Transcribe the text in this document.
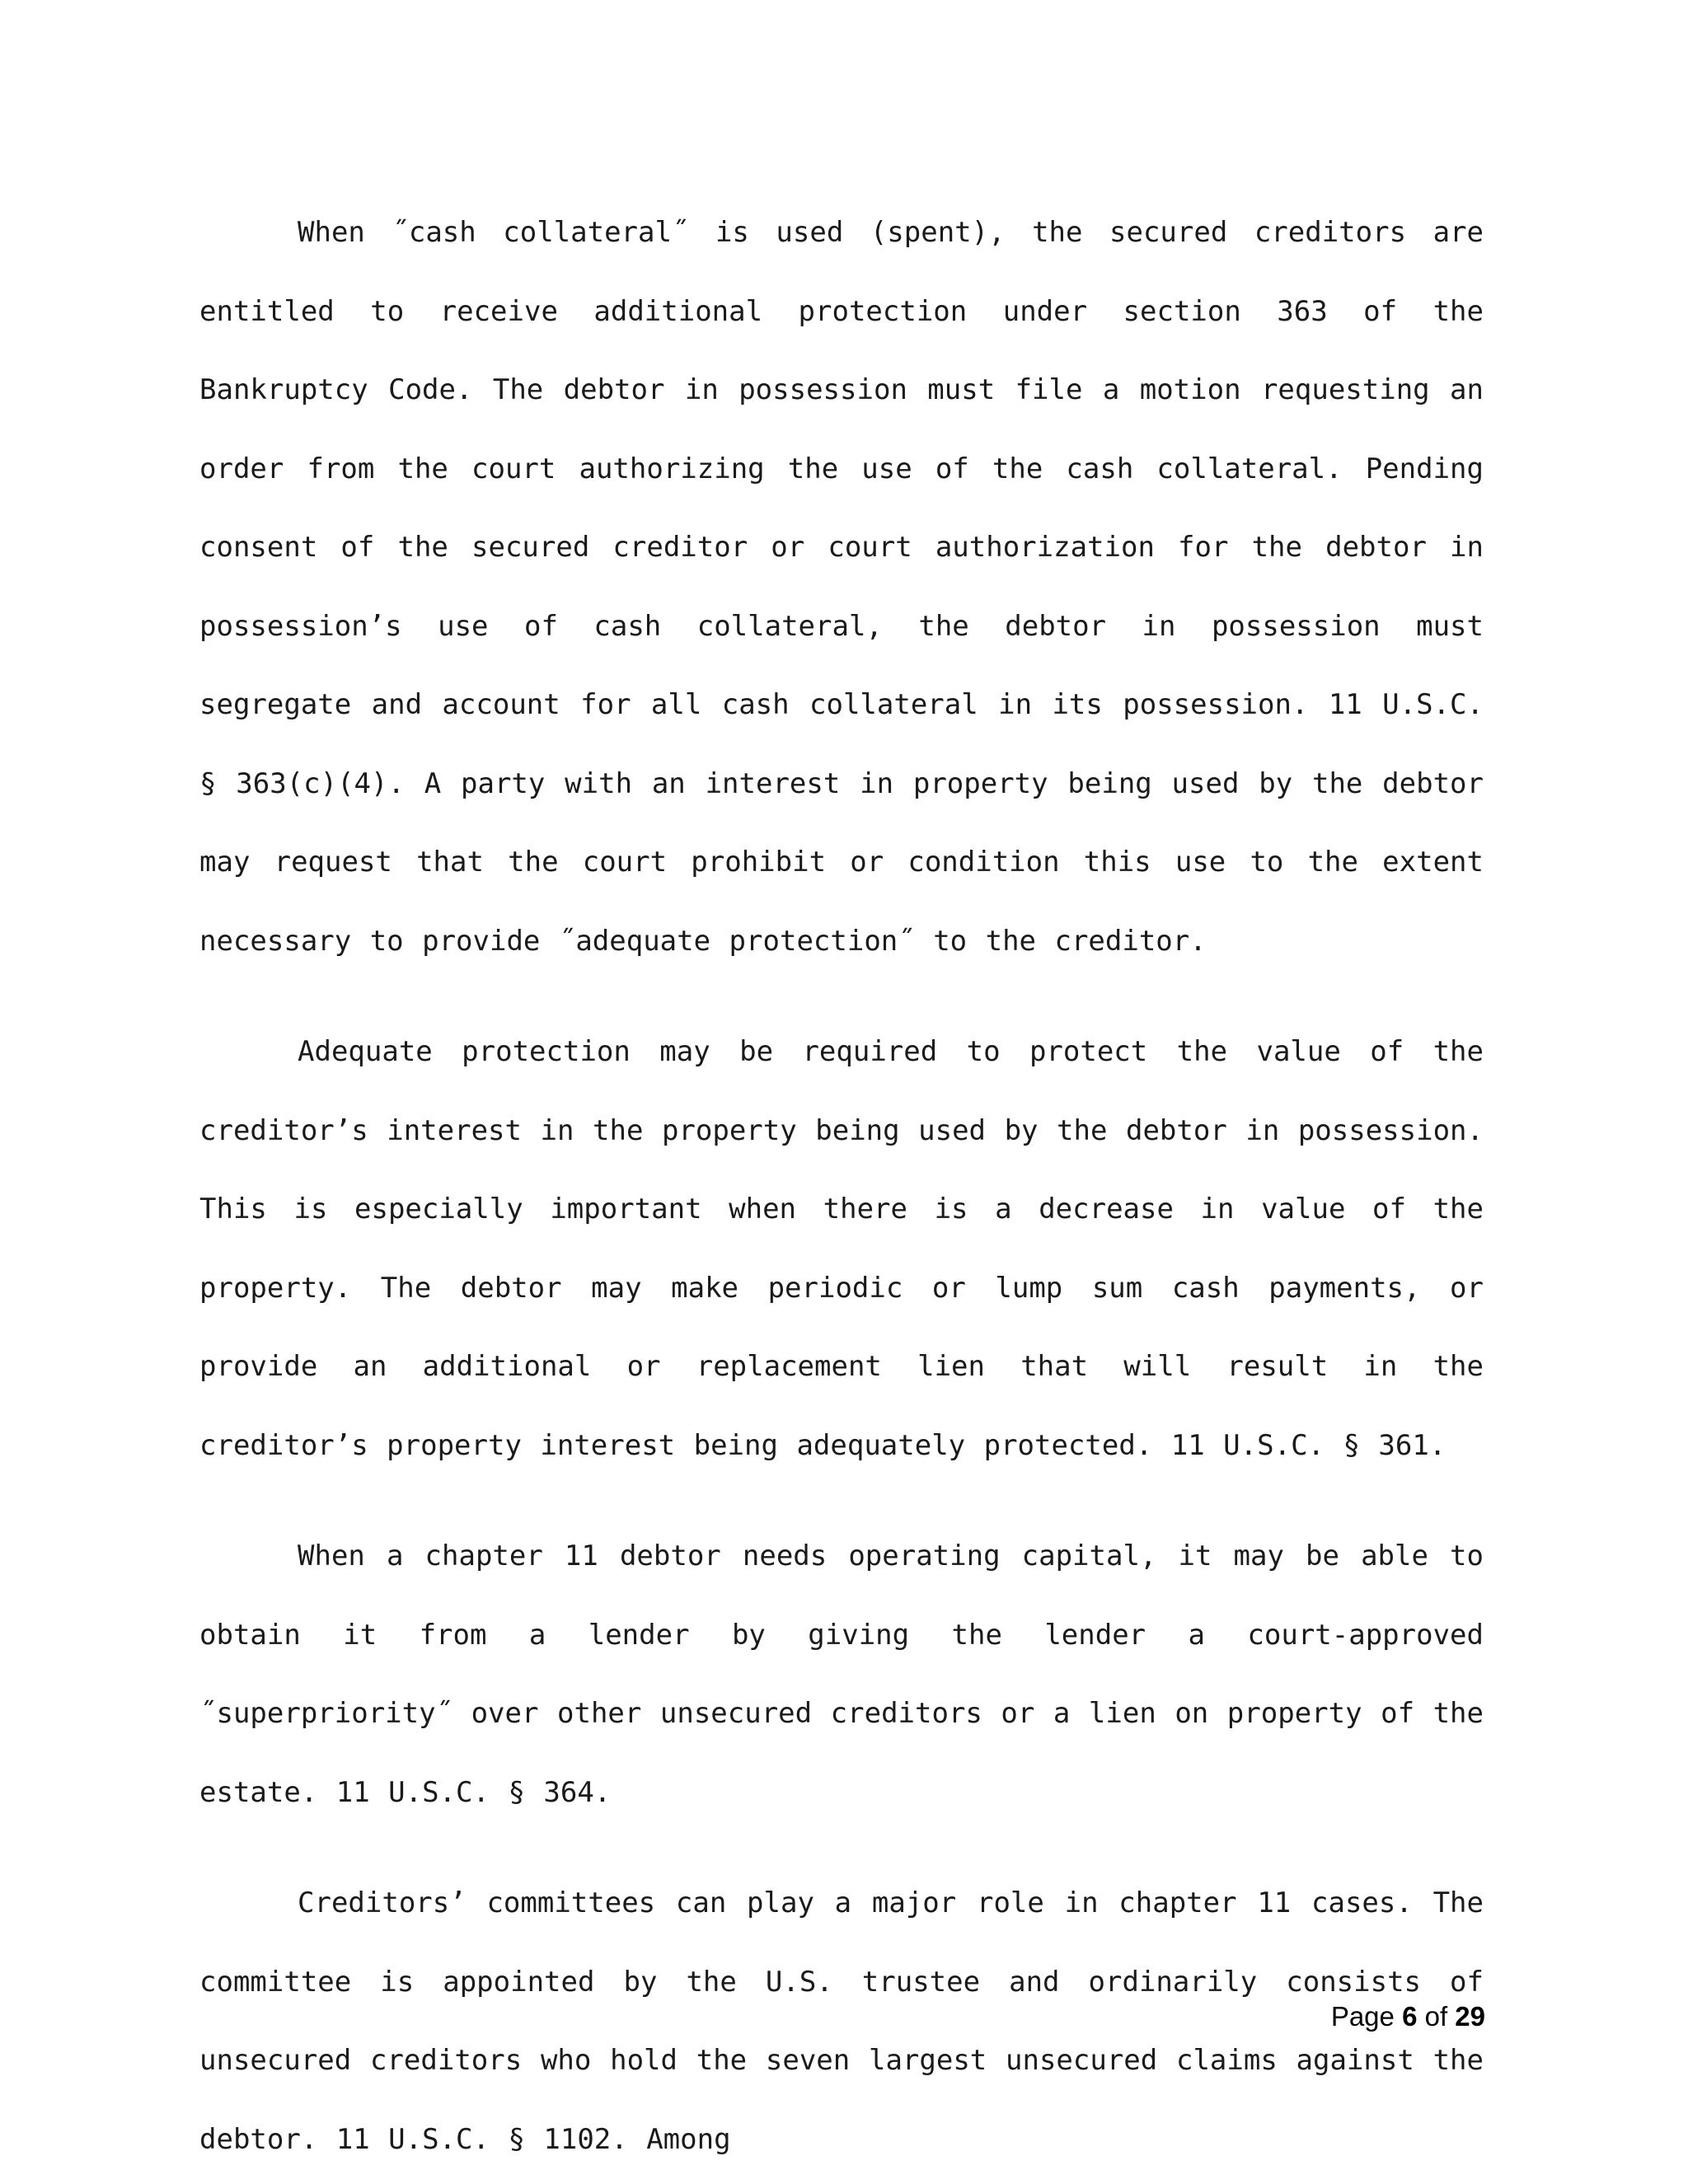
When ˝cash collateral˝ is used (spent), the secured creditors are entitled to receive additional protection under section 363 of the Bankruptcy Code. The debtor in possession must file a motion requesting an order from the court authorizing the use of the cash collateral. Pending consent of the secured creditor or court authorization for the debtor in possession’s use of cash collateral, the debtor in possession must segregate and account for all cash collateral in its possession. 11 U.S.C. § 363(c)(4). A party with an interest in property being used by the debtor may request that the court prohibit or condition this use to the extent necessary to provide ˝adequate protection˝ to the creditor.

Adequate protection may be required to protect the value of the creditor’s interest in the property being used by the debtor in possession. This is especially important when there is a decrease in value of the property. The debtor may make periodic or lump sum cash payments, or provide an additional or replacement lien that will result in the creditor’s property interest being adequately protected. 11 U.S.C. § 361.

When a chapter 11 debtor needs operating capital, it may be able to obtain it from a lender by giving the lender a court-approved ˝superpriority˝ over other unsecured creditors or a lien on property of the estate. 11 U.S.C. § 364.

Creditors’ committees can play a major role in chapter 11 cases. The committee is appointed by the U.S. trustee and ordinarily consists of unsecured creditors who hold the seven largest unsecured claims against the debtor. 11 U.S.C. § 1102. Among

Page 6 of 29
